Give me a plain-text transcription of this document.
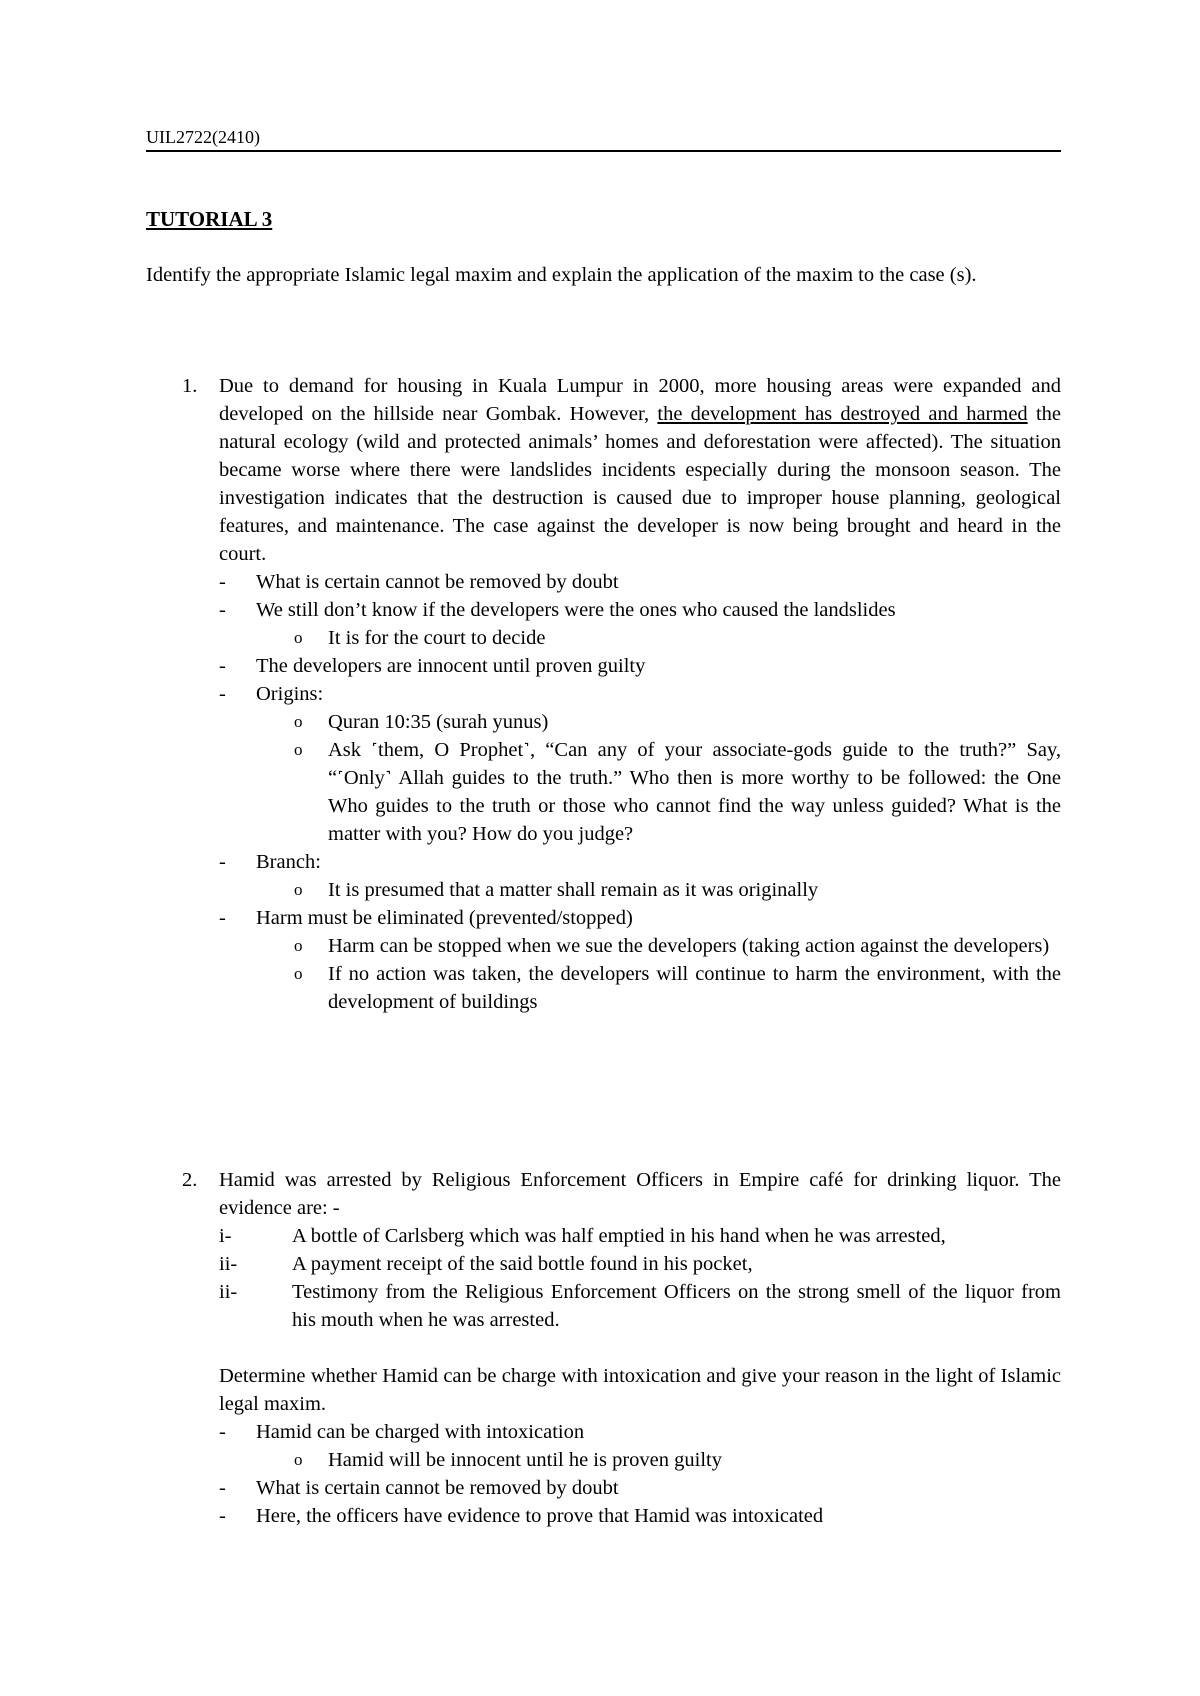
UIL2722(2410)
TUTORIAL 3
Identify the appropriate Islamic legal maxim and explain the application of the maxim to the case (s).
1. Due to demand for housing in Kuala Lumpur in 2000, more housing areas were expanded and developed on the hillside near Gombak. However, the development has destroyed and harmed the natural ecology (wild and protected animals’ homes and deforestation were affected). The situation became worse where there were landslides incidents especially during the monsoon season. The investigation indicates that the destruction is caused due to improper house planning, geological features, and maintenance. The case against the developer is now being brought and heard in the court.
- What is certain cannot be removed by doubt
- We still don’t know if the developers were the ones who caused the landslides
o It is for the court to decide
- The developers are innocent until proven guilty
- Origins:
o Quran 10:35 (surah yunus)
o Ask ˹them, O Prophet˺, “Can any of your associate-gods guide to the truth?” Say, “˹Only˺ Allah guides to the truth.” Who then is more worthy to be followed: the One Who guides to the truth or those who cannot find the way unless guided? What is the matter with you? How do you judge?
- Branch:
o It is presumed that a matter shall remain as it was originally
- Harm must be eliminated (prevented/stopped)
o Harm can be stopped when we sue the developers (taking action against the developers)
o If no action was taken, the developers will continue to harm the environment, with the development of buildings
2. Hamid was arrested by Religious Enforcement Officers in Empire café for drinking liquor. The evidence are: -
i-	A bottle of Carlsberg which was half emptied in his hand when he was arrested,
ii-	A payment receipt of the said bottle found in his pocket,
ii-	Testimony from the Religious Enforcement Officers on the strong smell of the liquor from his mouth when he was arrested.
Determine whether Hamid can be charge with intoxication and give your reason in the light of Islamic legal maxim.
- Hamid can be charged with intoxication
o Hamid will be innocent until he is proven guilty
- What is certain cannot be removed by doubt
- Here, the officers have evidence to prove that Hamid was intoxicated
